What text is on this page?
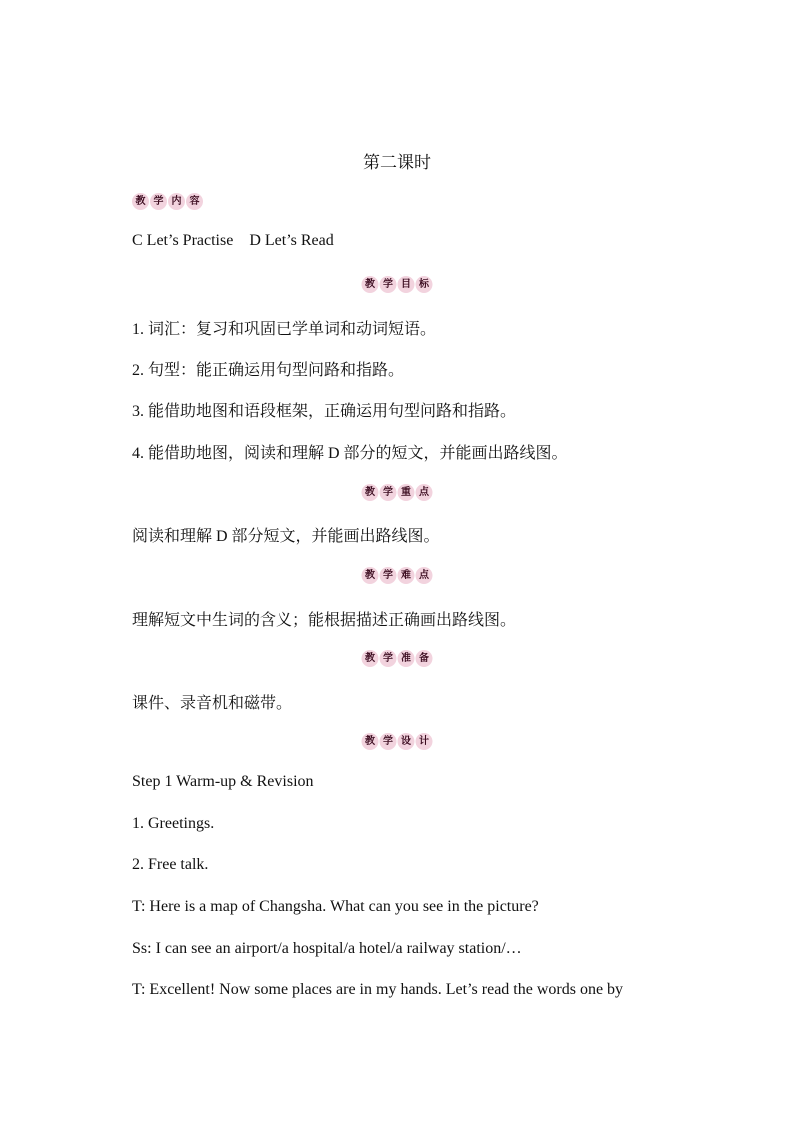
第二课时
教 学 内 容
C Let’s Practise    D Let’s Read
教 学 目 标
1. 词汇：复习和巩固已学单词和动词短语。
2. 句型：能正确运用句型问路和指路。
3. 能借助地图和语段框架，正确运用句型问路和指路。
4. 能借助地图，阅读和理解 D 部分的短文，并能画出路线图。
教 学 重 点
阅读和理解 D 部分短文，并能画出路线图。
教 学 难 点
理解短文中生词的含义；能根据描述正确画出路线图。
教 学 准 备
课件、录音机和磁带。
教 学 设 计
Step 1 Warm-up & Revision
1. Greetings.
2. Free talk.
T: Here is a map of Changsha. What can you see in the picture?
Ss: I can see an airport/a hospital/a hotel/a railway station/…
T: Excellent! Now some places are in my hands. Let’s read the words one by
